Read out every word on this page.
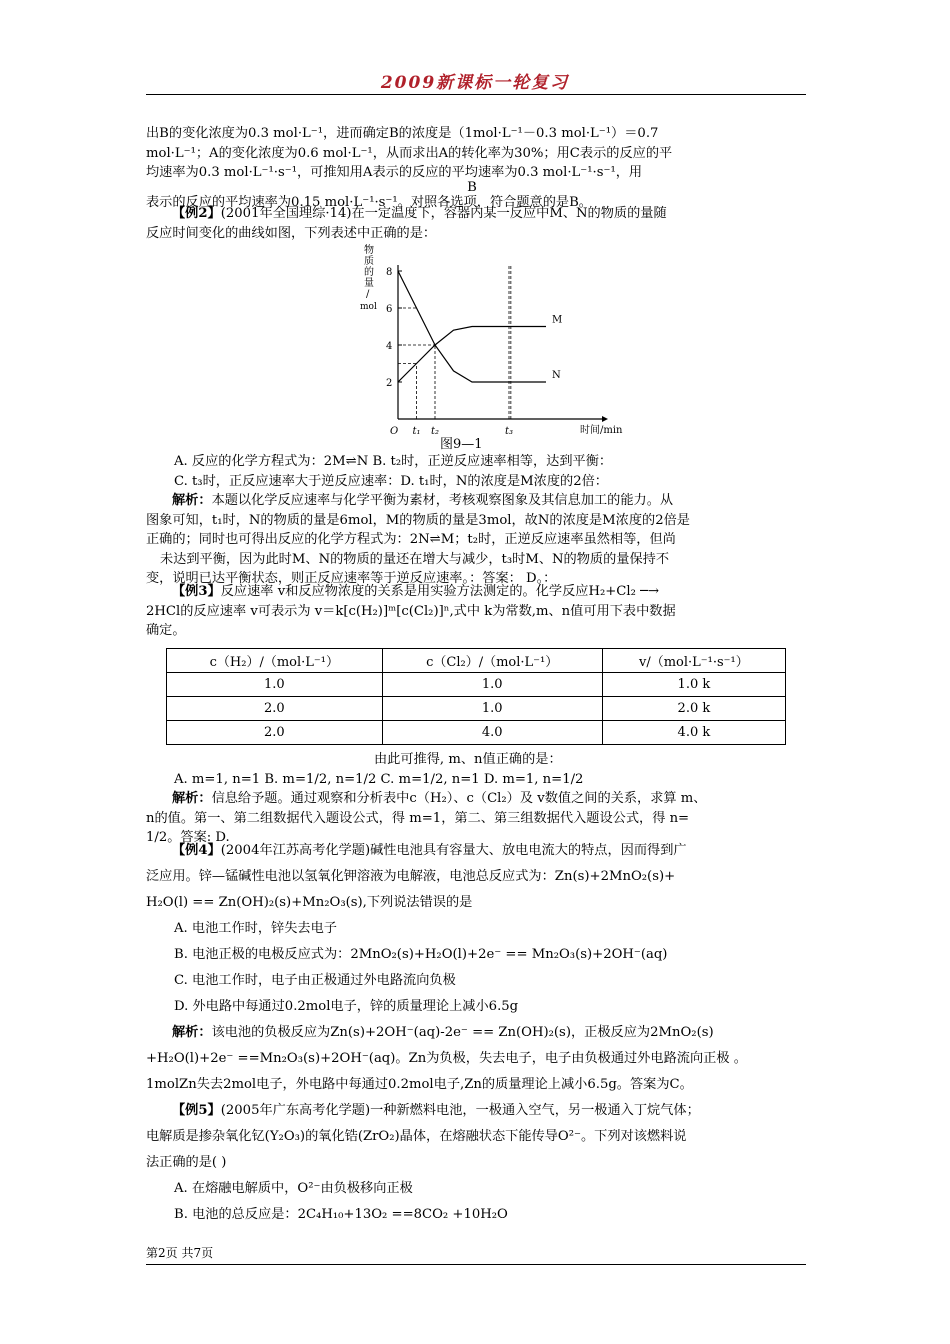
2009新课标一轮复习

出B的变化浓度为0.3 mol·L⁻¹，进而确定B的浓度是（1mol·L⁻¹－0.3 mol·L⁻¹）＝0.7

mol·L⁻¹；A的变化浓度为0.6 mol·L⁻¹，从而求出A的转化率为30%；用C表示的反应的平

均速率为0.3 mol·L⁻¹·s⁻¹，可推知用A表示的反应的平均速率为0.3 mol·L⁻¹·s⁻¹，用

B

表示的反应的平均速率为0.15 mol·L⁻¹·s⁻¹。对照各选项，符合题意的是B。

【例2】(2001年全国理综·14)在一定温度下，容器内某一反应中M、N的物质的量随

反应时间变化的曲线如图，下列表述中正确的是：

物
质
的
量
/
mol
2
4
6
8
O t₁ t₂	t₃
M
N
时间/min
图9—1

A. 反应的化学方程式为：2M⇌N B. t₂时，正逆反应速率相等，达到平衡：

C. t₃时，正反应速率大于逆反应速率：D. t₁时，N的浓度是M浓度的2倍：

解析：本题以化学反应速率与化学平衡为素材，考核观察图象及其信息加工的能力。从

图象可知，t₁时，N的物质的量是6mol，M的物质的量是3mol，故N的浓度是M浓度的2倍是

正确的；同时也可得出反应的化学方程式为：2N⇌M；t₂时，正逆反应速率虽然相等，但尚

未达到平衡，因为此时M、N的物质的量还在增大与减少，t₃时M、N的物质的量保持不

变，说明已达平衡状态，则正反应速率等于逆反应速率。：答案： D。：

【例3】反应速率 v和反应物浓度的关系是用实验方法测定的。化学反应H₂+Cl₂ ─→

2HCl的反应速率 v可表示为 v＝k[c(H₂)]ᵐ[c(Cl₂)]ⁿ,式中 k为常数,m、n值可用下表中数据

确定。

c（H₂）/（mol·L⁻¹）	c（Cl₂）/（mol·L⁻¹）	v/（mol·L⁻¹·s⁻¹）
1.0	1.0	1.0 k
2.0	1.0	2.0 k
2.0	4.0	4.0 k

由此可推得, m、n值正确的是：

A. m=1, n=1 B. m=1/2, n=1/2 C. m=1/2, n=1 D. m=1, n=1/2

解析：信息给予题。通过观察和分析表中c（H₂）、c（Cl₂）及 v数值之间的关系，求算 m、

n的值。第一、第二组数据代入题设公式，得 m=1，第二、第三组数据代入题设公式，得 n=

1/2。答案: D.

【例4】(2004年江苏高考化学题)碱性电池具有容量大、放电电流大的特点，因而得到广

泛应用。锌—锰碱性电池以氢氧化钾溶液为电解液，电池总反应式为：Zn(s)+2MnO₂(s)+

H₂O(l) == Zn(OH)₂(s)+Mn₂O₃(s),下列说法错误的是

A. 电池工作时，锌失去电子

B. 电池正极的电极反应式为：2MnO₂(s)+H₂O(l)+2e⁻ == Mn₂O₃(s)+2OH⁻(aq)

C. 电池工作时，电子由正极通过外电路流向负极

D. 外电路中每通过0.2mol电子，锌的质量理论上减小6.5g

解析：该电池的负极反应为Zn(s)+2OH⁻(aq)-2e⁻ == Zn(OH)₂(s)，正极反应为2MnO₂(s)

+H₂O(l)+2e⁻ ==Mn₂O₃(s)+2OH⁻(aq)。Zn为负极，失去电子，电子由负极通过外电路流向正极 。

1molZn失去2mol电子，外电路中每通过0.2mol电子,Zn的质量理论上减小6.5g。答案为C。

【例5】(2005年广东高考化学题)一种新燃料电池，一极通入空气，另一极通入丁烷气体；

电解质是掺杂氧化钇(Y₂O₃)的氧化锆(ZrO₂)晶体，在熔融状态下能传导O²⁻。下列对该燃料说

法正确的是( )

A. 在熔融电解质中，O²⁻由负极移向正极

B. 电池的总反应是：2C₄H₁₀+13O₂ ==8CO₂ +10H₂O

第2页 共7页
